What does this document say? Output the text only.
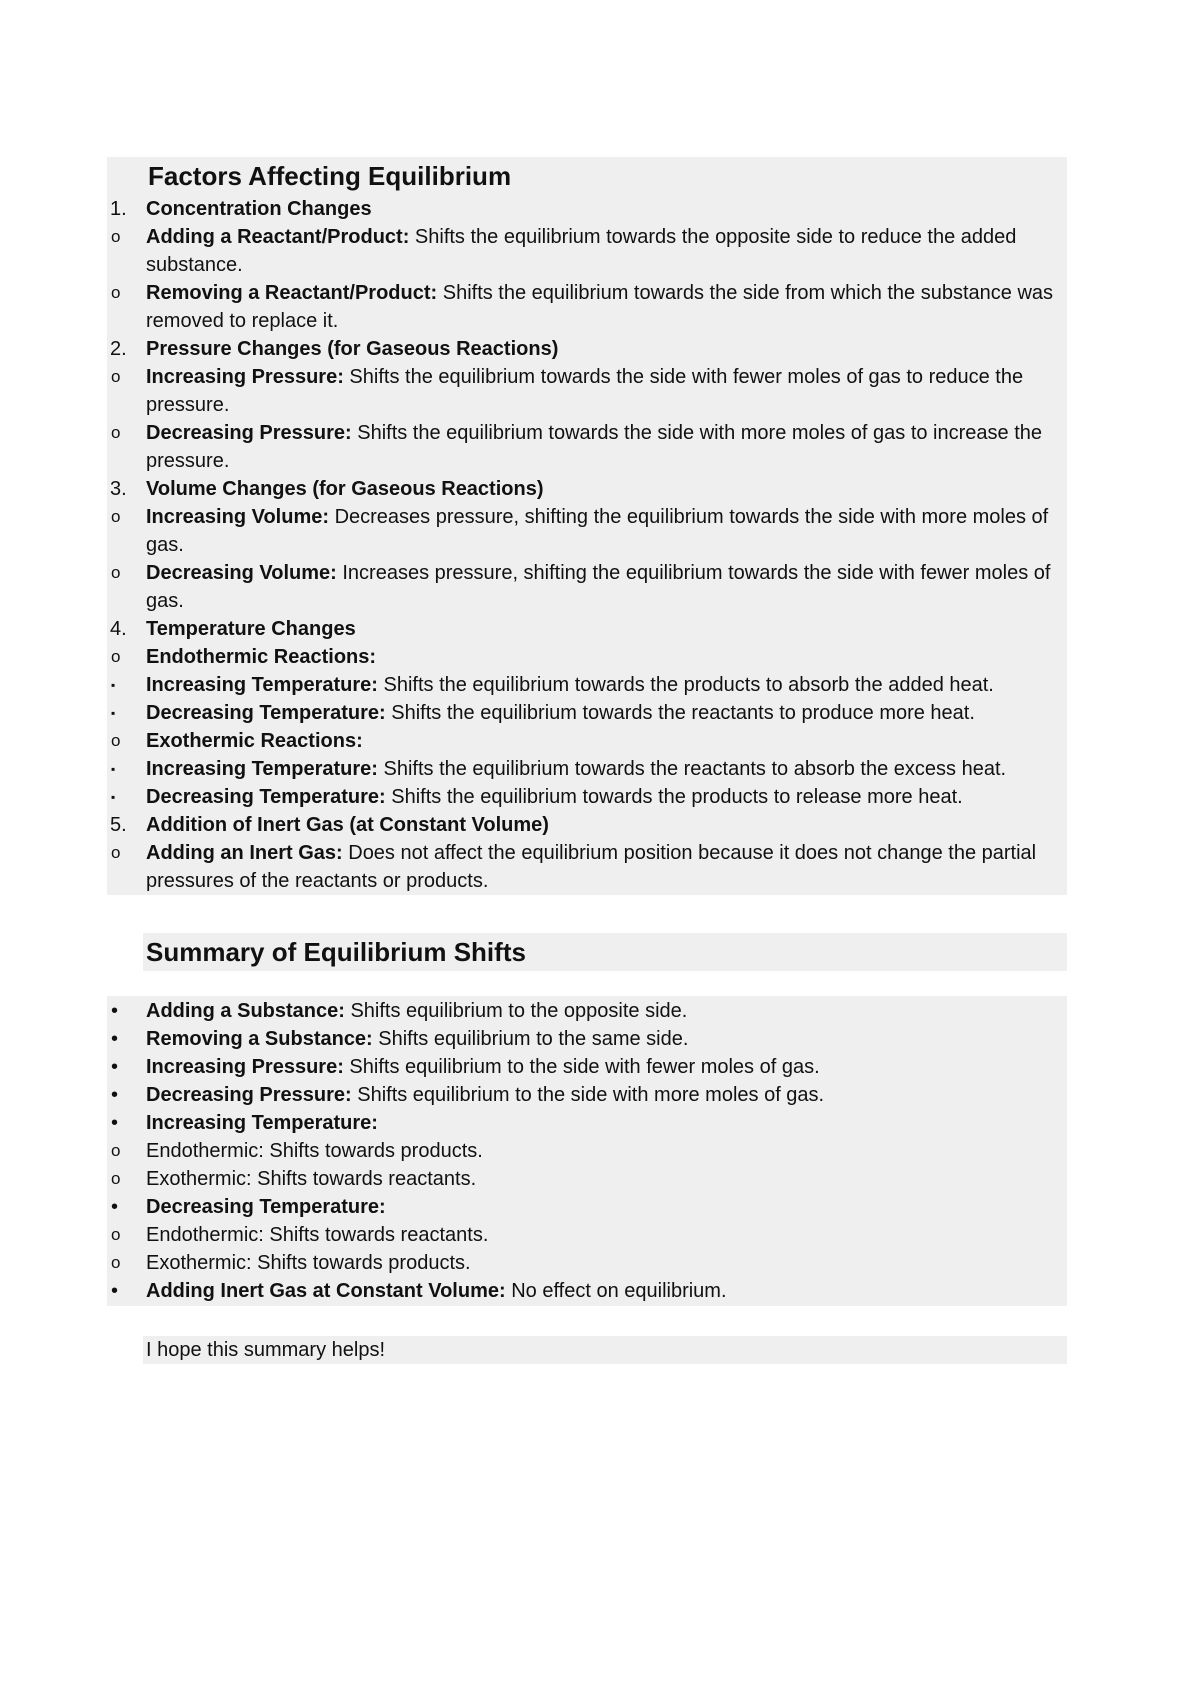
Factors Affecting Equilibrium
1. Concentration Changes
o	Adding a Reactant/Product: Shifts the equilibrium towards the opposite side to reduce the added substance.
o	Removing a Reactant/Product: Shifts the equilibrium towards the side from which the substance was removed to replace it.
2. Pressure Changes (for Gaseous Reactions)
o	Increasing Pressure: Shifts the equilibrium towards the side with fewer moles of gas to reduce the pressure.
o	Decreasing Pressure: Shifts the equilibrium towards the side with more moles of gas to increase the pressure.
3. Volume Changes (for Gaseous Reactions)
o	Increasing Volume: Decreases pressure, shifting the equilibrium towards the side with more moles of gas.
o	Decreasing Volume: Increases pressure, shifting the equilibrium towards the side with fewer moles of gas.
4. Temperature Changes
o	Endothermic Reactions:
▪	Increasing Temperature: Shifts the equilibrium towards the products to absorb the added heat.
▪	Decreasing Temperature: Shifts the equilibrium towards the reactants to produce more heat.
o	Exothermic Reactions:
▪	Increasing Temperature: Shifts the equilibrium towards the reactants to absorb the excess heat.
▪	Decreasing Temperature: Shifts the equilibrium towards the products to release more heat.
5. Addition of Inert Gas (at Constant Volume)
o	Adding an Inert Gas: Does not affect the equilibrium position because it does not change the partial pressures of the reactants or products.
Summary of Equilibrium Shifts
•	Adding a Substance: Shifts equilibrium to the opposite side.
•	Removing a Substance: Shifts equilibrium to the same side.
•	Increasing Pressure: Shifts equilibrium to the side with fewer moles of gas.
•	Decreasing Pressure: Shifts equilibrium to the side with more moles of gas.
•	Increasing Temperature:
o	Endothermic: Shifts towards products.
o	Exothermic: Shifts towards reactants.
•	Decreasing Temperature:
o	Endothermic: Shifts towards reactants.
o	Exothermic: Shifts towards products.
•	Adding Inert Gas at Constant Volume: No effect on equilibrium.
I hope this summary helps!
